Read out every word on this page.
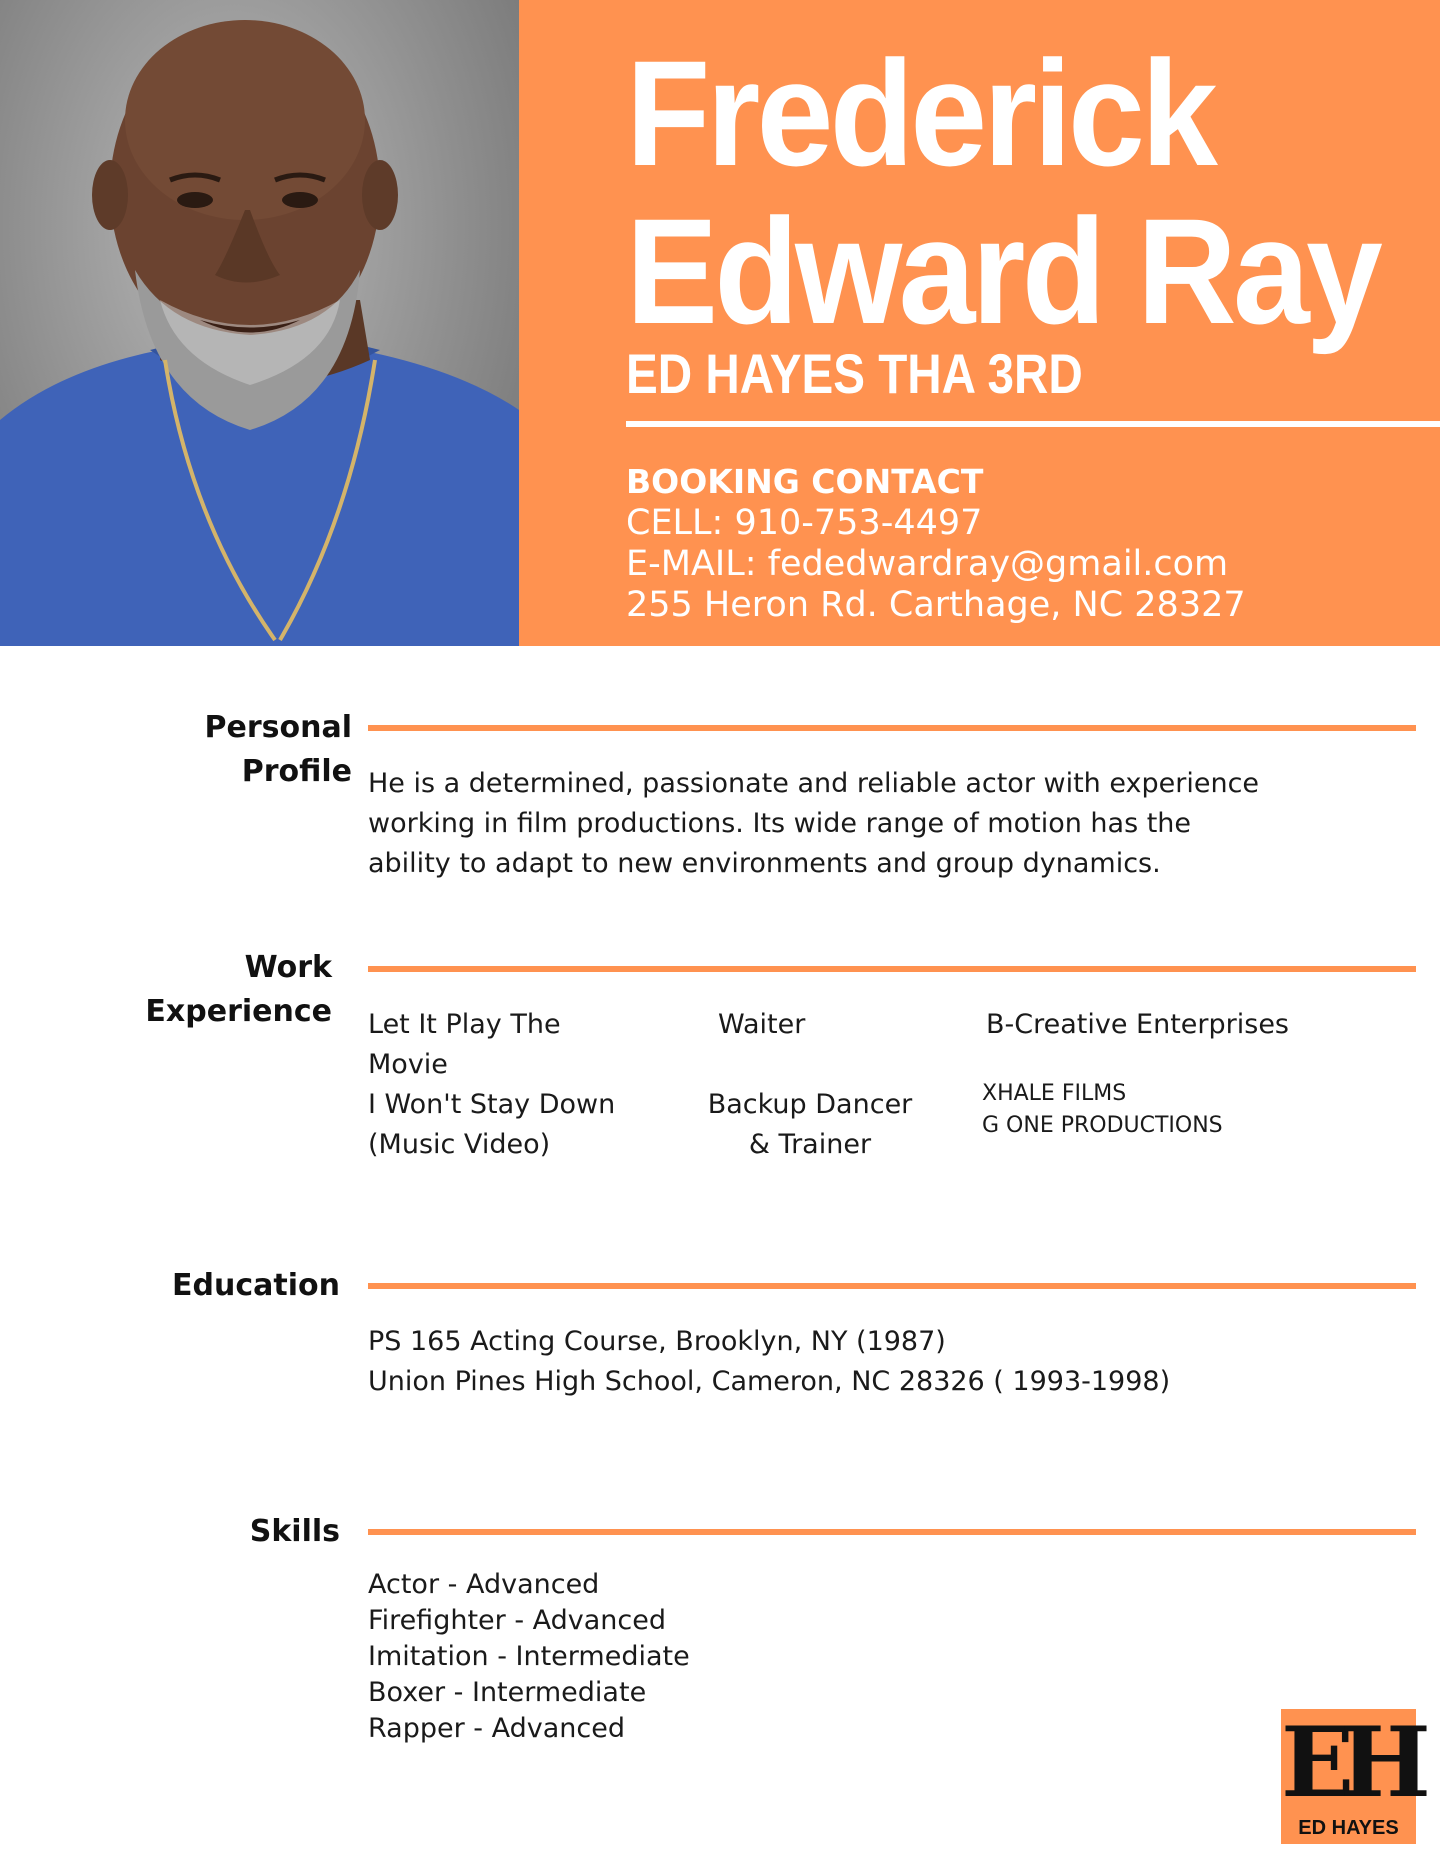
Frederick
Edward Ray
ED HAYES THA 3RD
BOOKING CONTACT
CELL: 910-753-4497
E-MAIL: fededwardray@gmail.com
255 Heron Rd. Carthage, NC 28327
Personal
Profile He is a determined, passionate and reliable actor with experience
working in film productions. Its wide range of motion has the
ability to adapt to new environments and group dynamics.
Work
Experience Let It Play The
Movie
I Won't Stay Down
(Music Video)
Waiter
Backup Dancer
& Trainer
B-Creative Enterprises
XHALE FILMS
G ONE PRODUCTIONS
Education
PS 165 Acting Course, Brooklyn, NY (1987)
Union Pines High School, Cameron, NC 28326 ( 1993-1998)
Skills
Actor - Advanced
Firefighter - Advanced
Imitation - Intermediate
Boxer - Intermediate
Rapper - Advanced	EH
ED HAYES
